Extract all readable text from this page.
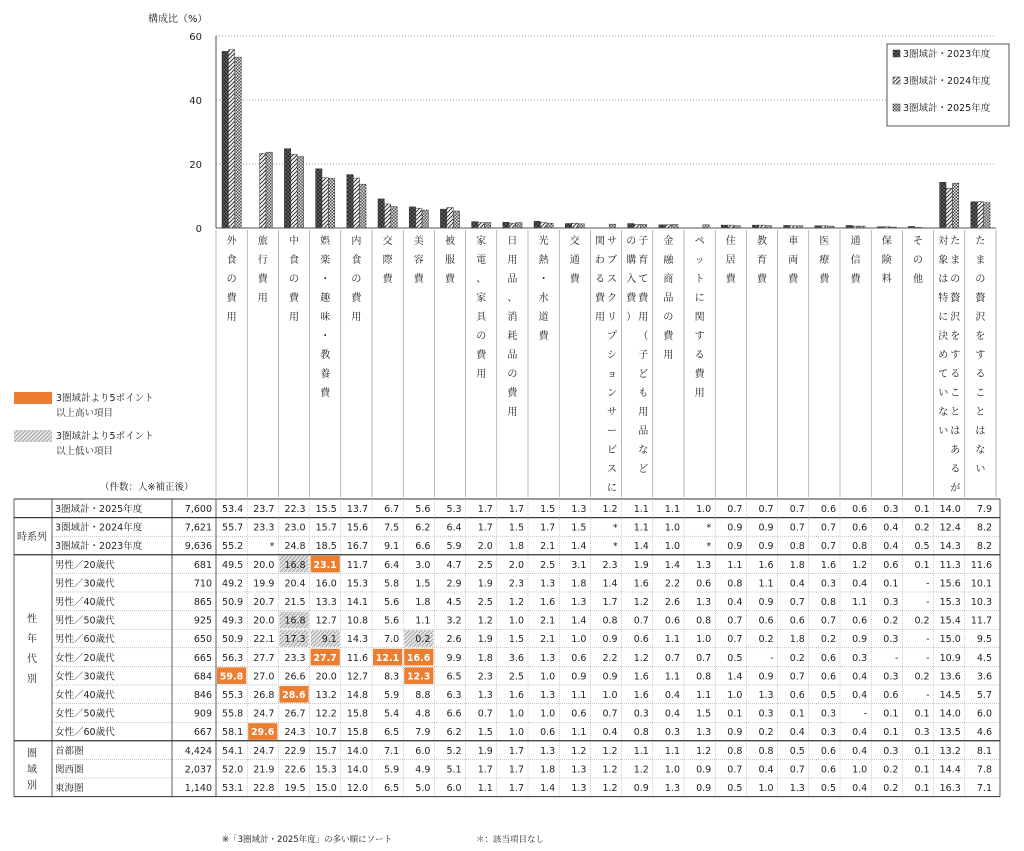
0
20
40
60
構成比（%）
3圏域計・2023年度
3圏域計・2024年度
3圏域計・2025年度
外
食
の
費
用
旅
行
費
用
中
食
の
費
用
娯
楽
・
趣
味
・
教
養
費
内
食
の
費
用
交
際
費
美
容
費
被
服
費
家
電
、
家
具
の
費
用
日
用
品
、
消
耗
品
の
費
用
光
熱
・
水
道
費
交
通
費
関
わ
る
費
用
サ
ブ
ス
ク
リ
プ
シ
ョ
ン
サ
ー
ビ
ス
に
の
購
入
費
）
子
育
て
費
用
（
子
ど
も
用
品
な
ど
金
融
商
品
の
費
用
ペ
ッ
ト
に
関
す
る
費
用
住
居
費
教
育
費
車
両
費
医
療
費
通
信
費
保
険
料
そ
の
他
対
象
は
特
に
決
め
て
い
な
い
た
ま
の
贅
沢
を
す
る
こ
と
は
あ
る
が
た
ま
の
贅
沢
を
す
る
こ
と
は
な
い
時系列
性
年
代
別
圏
域
別
3圏域計・2025年度	7,600 53.4 23.7 22.3 15.5 13.7 6.7 5.6 5.3 1.7 1.7 1.5 1.3 1.2 1.1 1.1 1.0 0.7 0.7 0.7 0.6 0.6 0.3 0.1 14.0 7.9
3圏域計・2024年度	7,621 55.7 23.3 23.0 15.7 15.6 7.5 6.2 6.4 1.7 1.5 1.7 1.5	* 1.1 1.0	* 0.9 0.9 0.7 0.7 0.6 0.4 0.2 12.4 8.2
3圏域計・2023年度	9,636 55.2	* 24.8 18.5 16.7 9.1 6.6 5.9 2.0 1.8 2.1 1.4	* 1.4 1.0	* 0.9 0.9 0.8 0.7 0.8 0.4 0.5 14.3 8.2
男性／20歳代	681 49.5 20.0 16.8 23.1 11.7 6.4 3.0 4.7 2.5 2.0 2.5 3.1 2.3 1.9 1.4 1.3 1.1 1.6 1.8 1.6 1.2 0.6 0.1 11.3 11.6
男性／30歳代	710 49.2 19.9 20.4 16.0 15.3 5.8 1.5 2.9 1.9 2.3 1.3 1.8 1.4 1.6 2.2 0.6 0.8 1.1 0.4 0.3 0.4 0.1	- 15.6 10.1
男性／40歳代	865 50.9 20.7 21.5 13.3 14.1 5.6 1.8 4.5 2.5 1.2 1.6 1.3 1.7 1.2 2.6 1.3 0.4 0.9 0.7 0.8 1.1 0.3	- 15.3 10.3
男性／50歳代	925 49.3 20.0 16.8 12.7 10.8 5.6 1.1 3.2 1.2 1.0 2.1 1.4 0.8 0.7 0.6 0.8 0.7 0.6 0.6 0.7 0.6 0.2 0.2 15.4 11.7
男性／60歳代	650 50.9 22.1 17.3 9.1 14.3 7.0 0.2 2.6 1.9 1.5 2.1 1.0 0.9 0.6 1.1 1.0 0.7 0.2 1.8 0.2 0.9 0.3	- 15.0 9.5
女性／20歳代	665 56.3 27.7 23.3 27.7 11.6 12.1 16.6 9.9 1.8 3.6 1.3 0.6 2.2 1.2 0.7 0.7 0.5	- 0.2 0.6 0.3	-	- 10.9 4.5
女性／30歳代	684 59.8 27.0 26.6 20.0 12.7 8.3 12.3 6.5 2.3 2.5 1.0 0.9 0.9 1.6 1.1 0.8 1.4 0.9 0.7 0.6 0.4 0.3 0.2 13.6 3.6
女性／40歳代	846 55.3 26.8 28.6 13.2 14.8 5.9 8.8 6.3 1.3 1.6 1.3 1.1 1.0 1.6 0.4 1.1 1.0 1.3 0.6 0.5 0.4 0.6	- 14.5 5.7
女性／50歳代	909 55.8 24.7 26.7 12.2 15.8 5.4 4.8 6.6 0.7 1.0 1.0 0.6 0.7 0.3 0.4 1.5 0.1 0.3 0.1 0.3	- 0.1 0.1 14.0 6.0
女性／60歳代	667 58.1 29.6 24.3 10.7 15.8 6.5 7.9 6.2 1.5 1.0 0.6 1.1 0.4 0.8 0.3 1.3 0.9 0.2 0.4 0.3 0.4 0.1 0.3 13.5 4.6
首都圏	4,424 54.1 24.7 22.9 15.7 14.0 7.1 6.0 5.2 1.9 1.7 1.3 1.2 1.2 1.1 1.1 1.2 0.8 0.8 0.5 0.6 0.4 0.3 0.1 13.2 8.1
関西圏	2,037 52.0 21.9 22.6 15.3 14.0 5.9 4.9 5.1 1.7 1.7 1.8 1.3 1.2 1.2 1.0 0.9 0.7 0.4 0.7 0.6 1.0 0.2 0.1 14.4 7.8
東海圏	1,140 53.1 22.8 19.5 15.0 12.0 6.5 5.0 6.0 1.1 1.7 1.4 1.3 1.2 0.9 1.3 0.9 0.5 1.0 1.3 0.5 0.4 0.2 0.1 16.3 7.1
3圏域計より5ポイント
以上高い項目
3圏域計より5ポイント
以上低い項目
（件数：人※補正後）
※「3圏域計・2025年度」の多い順にソート	＊：該当項目なし
